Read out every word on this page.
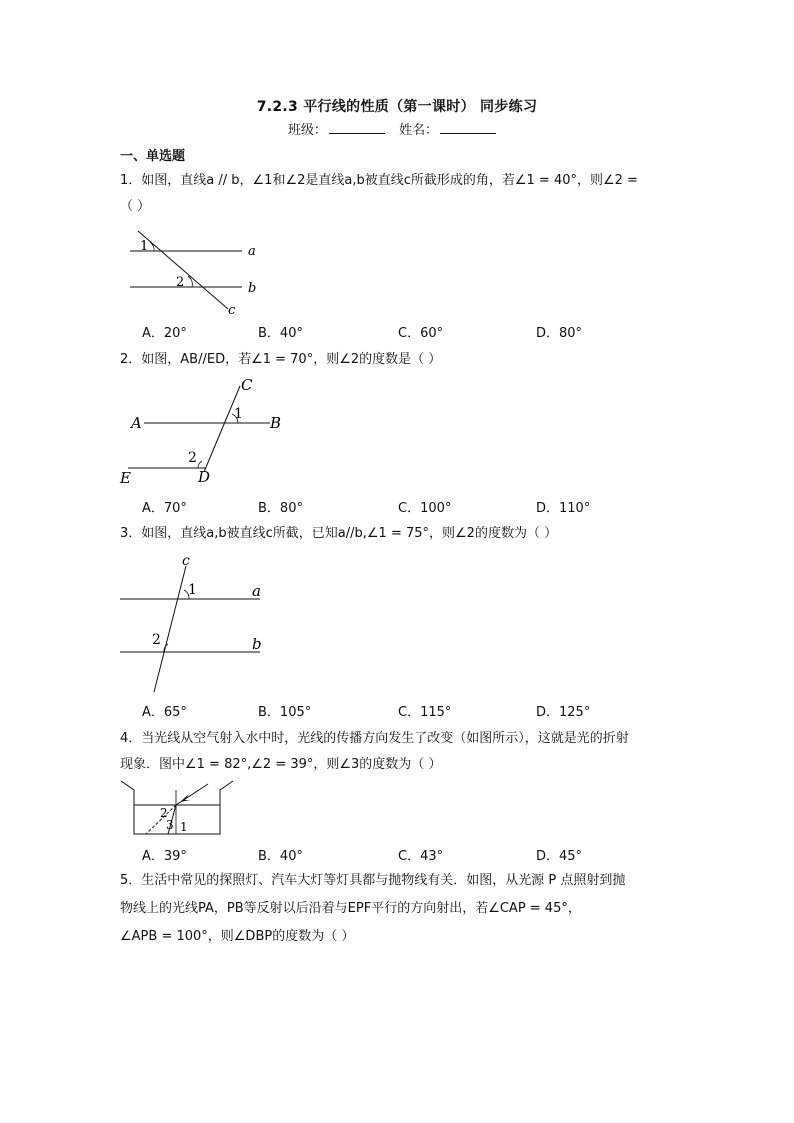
7.2.3 平行线的性质（第一课时） 同步练习
班级：	姓名：
一、单选题
1．如图，直线a // b，∠1和∠2是直线a,b被直线c所截形成的角，若∠1 = 40°，则∠2 =
（ ）
1
2
a
b
c
A．20°	B．40°	C．60°	D．80°
2．如图，AB//ED，若∠1 = 70°，则∠2的度数是（ ）
C
A	B
1
2
E	D
A．70°	B．80°	C．100°	D．110°
3．如图，直线a,b被直线c所截，已知a//b,∠1 = 75°，则∠2的度数为（ ）
c
1	a
2	b
A．65°	B．105°	C．115°	D．125°
4．当光线从空气射入水中时，光线的传播方向发生了改变（如图所示），这就是光的折射
现象．图中∠1 = 82°,∠2 = 39°，则∠3的度数为（ ）
2
3 1
A．39°	B．40°	C．43°	D．45°
5．生活中常见的探照灯、汽车大灯等灯具都与抛物线有关．如图，从光源 P 点照射到抛
物线上的光线PA，PB等反射以后沿着与EPF平行的方向射出，若∠CAP = 45°，
∠APB = 100°，则∠DBP的度数为（ ）
